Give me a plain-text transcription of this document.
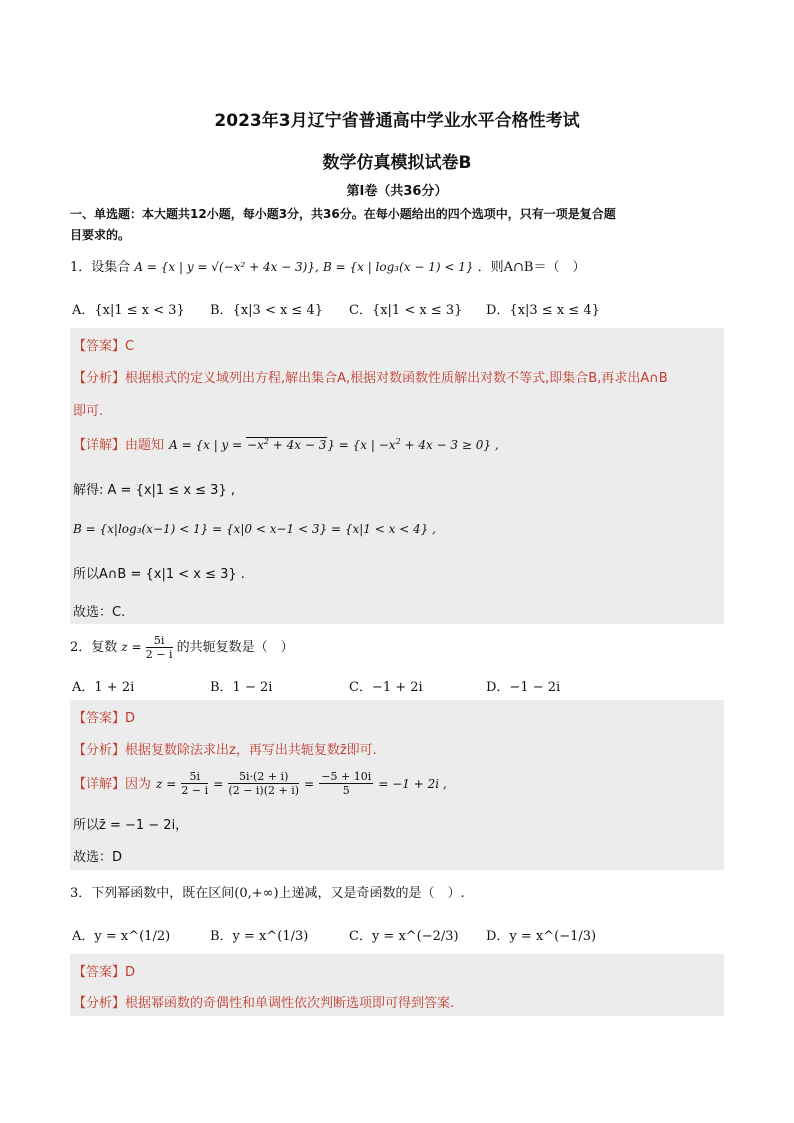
2023年3月辽宁省普通高中学业水平合格性考试
数学仿真模拟试卷B
第I卷（共36分）
一、单选题：本大题共12小题，每小题3分，共36分。在每小题给出的四个选项中，只有一项是复合题
目要求的。
1．设集合 A = {x | y = √(−x² + 4x − 3)}, B = {x | log₃(x − 1) < 1} ．则A∩B＝（　）
A．{x|1 ≤ x < 3} B．{x|3 < x ≤ 4} C．{x|1 < x ≤ 3} D．{x|3 ≤ x ≤ 4}
【答案】C
【分析】根据根式的定义域列出方程,解出集合A,根据对数函数性质解出对数不等式,即集合B,再求出A∩B
即可.
【详解】由题知 A = {x | $y = -x^2 + 4x - 3\} = \{x$ | $-x^2 + 4x - 3 \ge 0$} ,
解得: A = {x|1 ≤ x ≤ 3} ,
B = {x|log₃(x−1) < 1} = {x|0 < x−1 < 3} = {x|1 < x < 4} ,
所以A∩B = {x|1 < x ≤ 3} .
故选：C.
2．复数 $z = \frac{5i}{2 - i}$ 的共轭复数是（　）
A．1 + 2i	B．1 − 2i	C．−1 + 2i	D．−1 − 2i
【答案】D
【分析】根据复数除法求出z，再写出共轭复数z̄即可.
【详解】因为 $z = \frac{5i}{2 - i} = \frac{5i\cdot(2 + i)}{(2 - i)(2 + i)} = \frac{-5 + 10i}{5} = -1 + 2i$ ,
所以z̄ = −1 − 2i，
故选：D
3．下列幂函数中，既在区间(0,+∞)上递减，又是奇函数的是（　）.
A．y = x^(1/2)	B．y = x^(1/3)	C．y = x^(−2/3) D．y = x^(−1/3)
【答案】D
【分析】根据幂函数的奇偶性和单调性依次判断选项即可得到答案.
